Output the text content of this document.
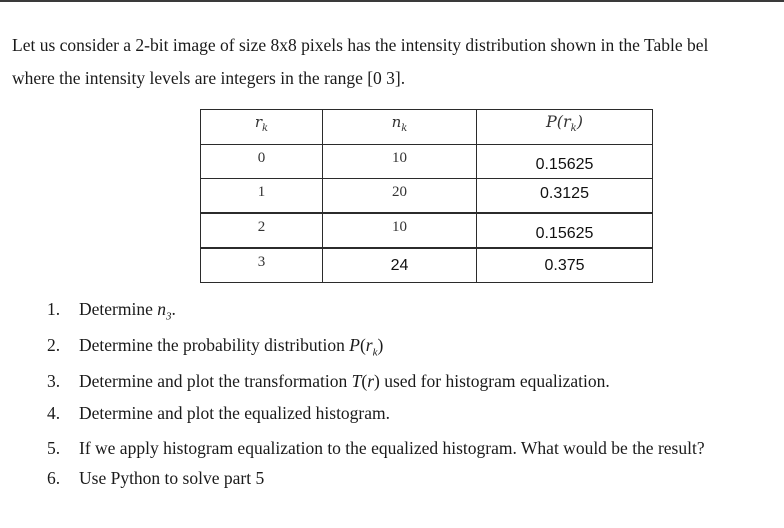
Let us consider a 2-bit image of size 8x8 pixels has the intensity distribution shown in the Table bel

where the intensity levels are integers in the range [0 3].

$r_k$	$n_k$	$P(r_k)$
0	10	0.15625
1	20	0.3125
2	10	0.15625
3	24	0.375
1.	Determine $n_3$.
2.	Determine the probability distribution $P(r_k)$
3.	Determine and plot the transformation T(r) used for histogram equalization.
4.	Determine and plot the equalized histogram.
5.	If we apply histogram equalization to the equalized histogram. What would be the result?
6.	Use Python to solve part 5
